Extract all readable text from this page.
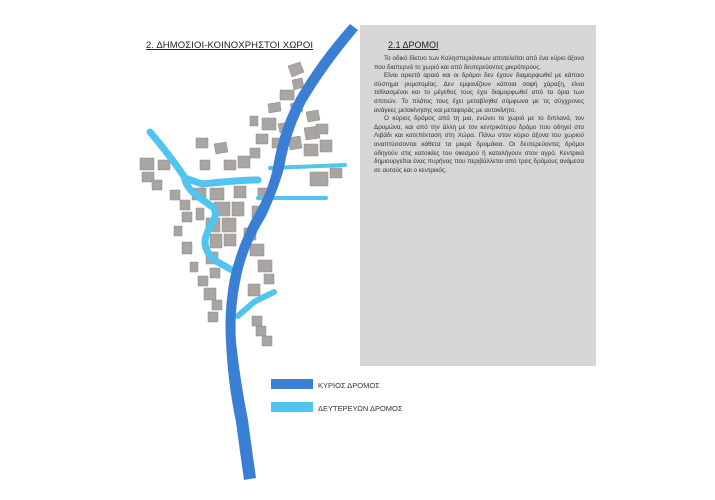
2. ΔΗΜΟΣΙΟΙ-ΚΟΙΝΟΧΡΗΣΤΟΙ ΧΩΡΟΙ
ΚΥΡΙΟΣ ΔΡΟΜΟΣ
ΔΕΥΤΕΡΕΥΩΝ ΔΡΟΜΟΣ
2.1 ΔΡΟΜΟΙ

Το οδικό δίκτυο των Καλησπεριάνικων αποτελείται από ένα κύριο άξονα που διαπερνά το χωριό και από δευτερεύοντες μικρότερους.

Είναι αρκετά αραιό και οι δρόμοι δεν έχουν διαμορφωθεί με κάποιο σύστημα ρυμοτομίας. Δεν εμφανίζουν κάποια σαφή χάραξη, είναι τεθλασμένοι και το μέγεθος τους έχει διαμορφωθεί από τα όρια των σπιτιών. Το πλάτος τους έχει μεταβληθεί σύμφωνα με τις σύγχρονες ανάγκες μετακίνησης και μεταφοράς με αυτοκίνητο.

Ο κύριος δρόμος από τη μια, ενώνει το χωριό με το διπλανό, τον Δρυμώνα, και από την άλλη με τον κεντρικότερο δρόμο που οδηγεί στο Λιβάδι και κατεπέκταση στη Χώρα. Πάνω στον κύριο άξονα του χωριού αναπτύσσονται κάθετα τα μικρά δρομάκια. Οι δευτερεύοντες δρόμοι οδηγούν στις κατοικίες του οικισμού ή καταλήγουν στον αγρό. Κεντρικά δημιουργείται ένας πυρήνας που περιβάλλεται από τρεις δρόμους ανάμεσα σε αυτούς και ο κεντρικός.
